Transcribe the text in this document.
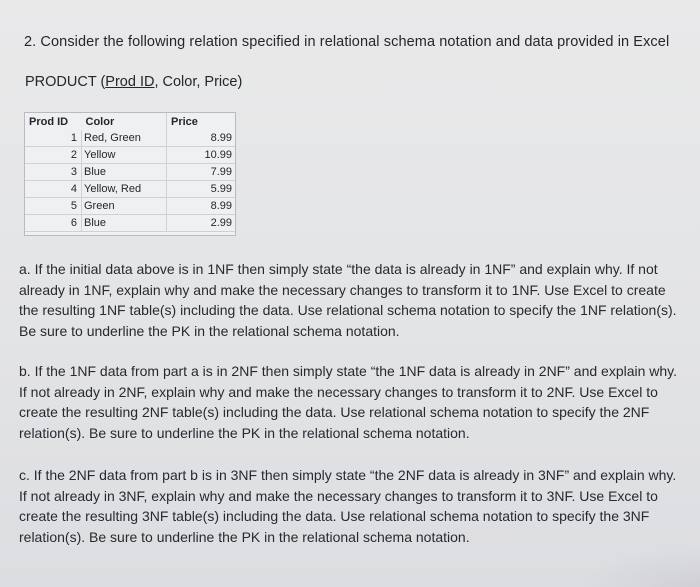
2. Consider the following relation specified in relational schema notation and data provided in Excel
PRODUCT (Prod ID, Color, Price)
Prod ID	Color	Price
1	Red, Green	8.99
2	Yellow	10.99
3	Blue	7.99
4	Yellow, Red	5.99
5	Green	8.99
6	Blue	2.99
a. If the initial data above is in 1NF then simply state “the data is already in 1NF” and explain why. If not already in 1NF, explain why and make the necessary changes to transform it to 1NF. Use Excel to create the resulting 1NF table(s) including the data. Use relational schema notation to specify the 1NF relation(s). Be sure to underline the PK in the relational schema notation.
b. If the 1NF data from part a is in 2NF then simply state “the 1NF data is already in 2NF” and explain why. If not already in 2NF, explain why and make the necessary changes to transform it to 2NF. Use Excel to create the resulting 2NF table(s) including the data. Use relational schema notation to specify the 2NF relation(s). Be sure to underline the PK in the relational schema notation.
c. If the 2NF data from part b is in 3NF then simply state “the 2NF data is already in 3NF” and explain why. If not already in 3NF, explain why and make the necessary changes to transform it to 3NF. Use Excel to create the resulting 3NF table(s) including the data. Use relational schema notation to specify the 3NF relation(s). Be sure to underline the PK in the relational schema notation.
